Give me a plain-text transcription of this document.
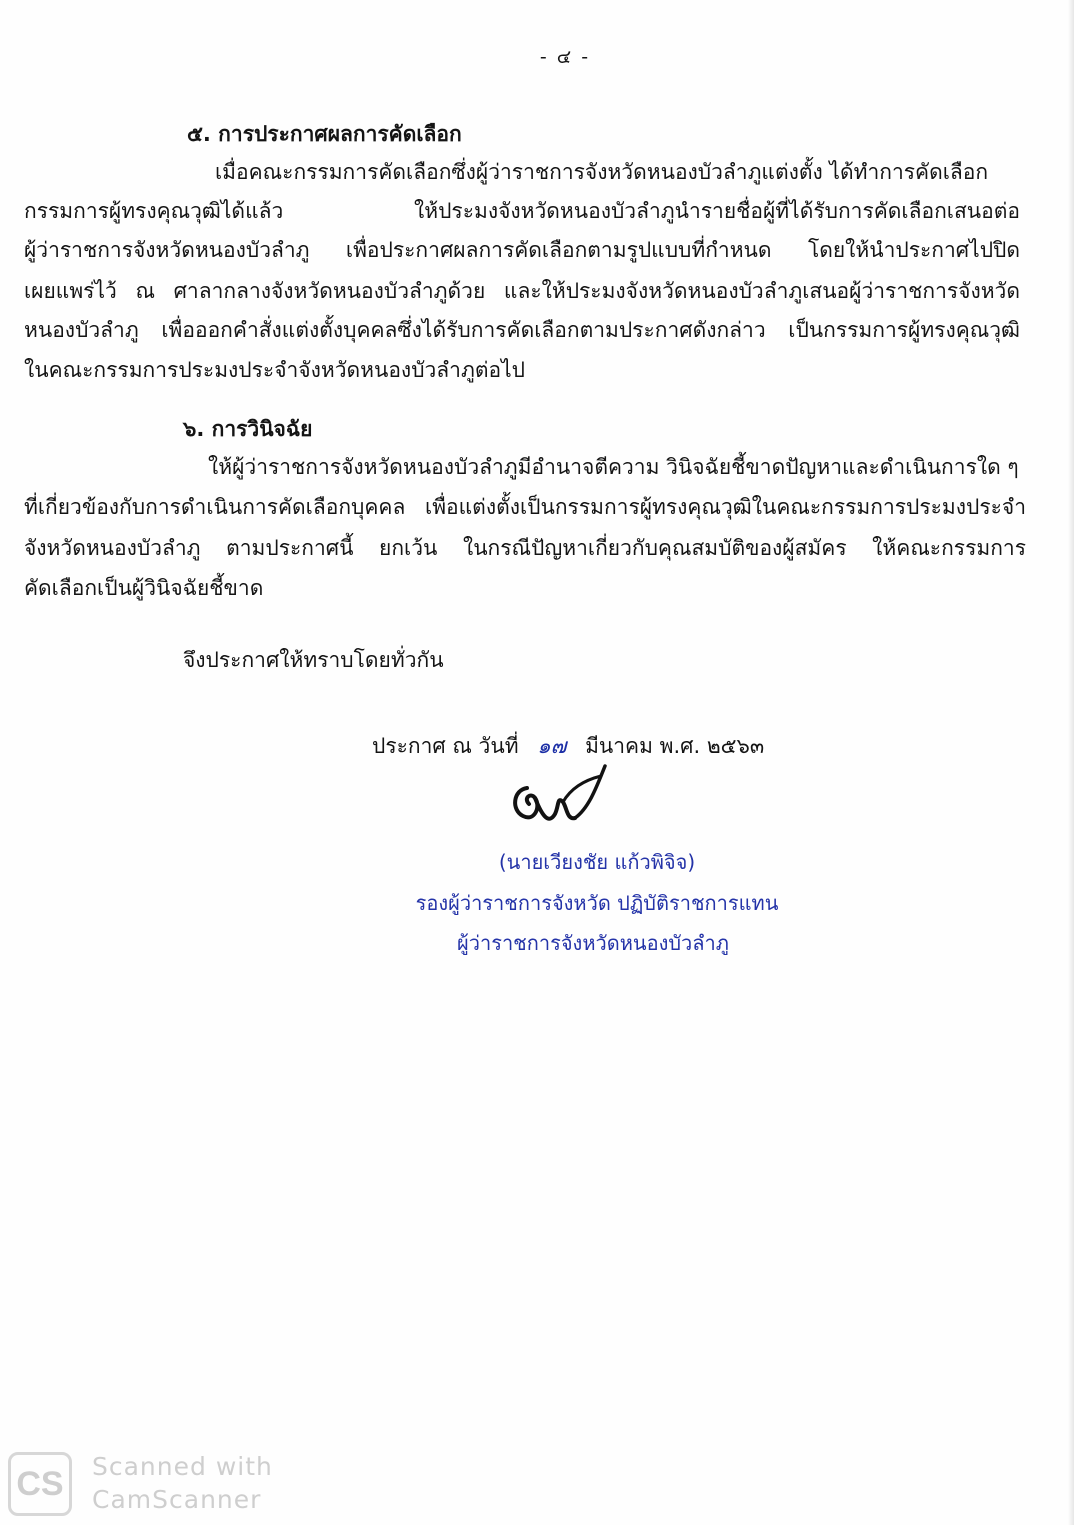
- ๔ -
๕. การประกาศผลการคัดเลือก
เมื่อคณะกรรมการคัดเลือกซึ่งผู้ว่าราชการจังหวัดหนองบัวลำภูแต่งตั้ง ได้ทำการคัดเลือก
กรรมการผู้ทรงคุณวุฒิได้แล้ว ให้ประมงจังหวัดหนองบัวลำภูนำรายชื่อผู้ที่ได้รับการคัดเลือกเสนอต่อ
ผู้ว่าราชการจังหวัดหนองบัวลำภู เพื่อประกาศผลการคัดเลือกตามรูปแบบที่กำหนด โดยให้นำประกาศไปปิด
เผยแพร่ไว้ ณ ศาลากลางจังหวัดหนองบัวลำภูด้วย และให้ประมงจังหวัดหนองบัวลำภูเสนอผู้ว่าราชการจังหวัด
หนองบัวลำภู เพื่อออกคำสั่งแต่งตั้งบุคคลซึ่งได้รับการคัดเลือกตามประกาศดังกล่าว เป็นกรรมการผู้ทรงคุณวุฒิ
ในคณะกรรมการประมงประจำจังหวัดหนองบัวลำภูต่อไป
๖. การวินิจฉัย
ให้ผู้ว่าราชการจังหวัดหนองบัวลำภูมีอำนาจตีความ วินิจฉัยชี้ขาดปัญหาและดำเนินการใด ๆ
ที่เกี่ยวข้องกับการดำเนินการคัดเลือกบุคคล เพื่อแต่งตั้งเป็นกรรมการผู้ทรงคุณวุฒิในคณะกรรมการประมงประจำ
จังหวัดหนองบัวลำภู ตามประกาศนี้ ยกเว้น ในกรณีปัญหาเกี่ยวกับคุณสมบัติของผู้สมัคร ให้คณะกรรมการ
คัดเลือกเป็นผู้วินิจฉัยชี้ขาด
จึงประกาศให้ทราบโดยทั่วกัน
ประกาศ ณ วันที่ ๑๗ มีนาคม พ.ศ. ๒๕๖๓
(นายเวียงชัย แก้วพิจิจ)
รองผู้ว่าราชการจังหวัด ปฏิบัติราชการแทน
ผู้ว่าราชการจังหวัดหนองบัวลำภู
CS	Scanned with
CamScanner
